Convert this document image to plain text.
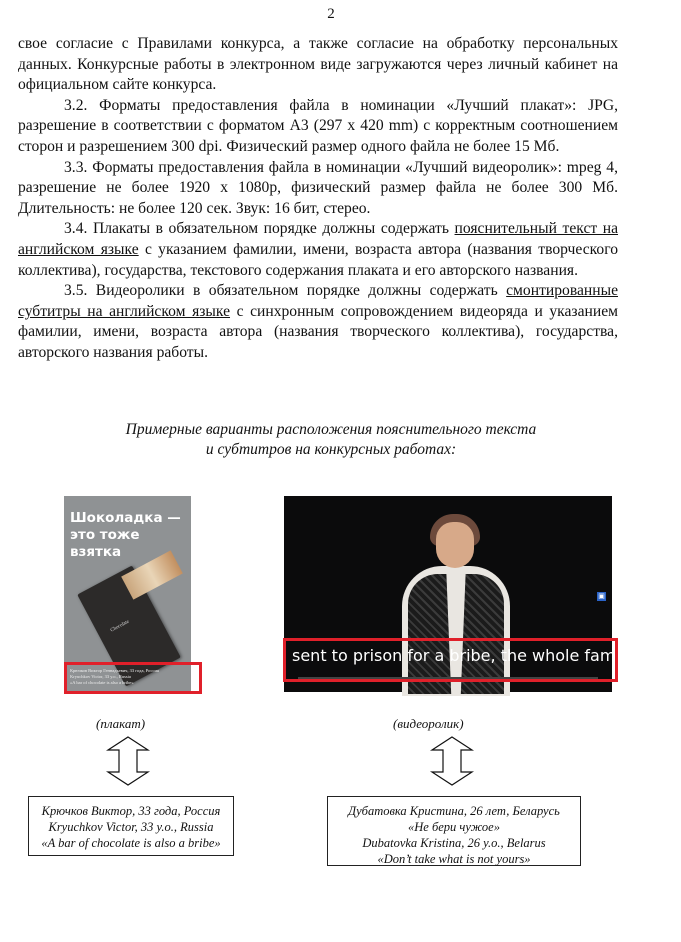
2

свое согласие с Правилами конкурса, а также согласие на обработку персональных данных. Конкурсные работы в электронном виде загружаются через личный кабинет на официальном сайте конкурса.

3.2. Форматы предоставления файла в номинации «Лучший плакат»: JPG, разрешение в соответствии с форматом А3 (297 x 420 mm) с корректным соотношением сторон и разрешением 300 dpi. Физический размер одного файла не более 15 Мб.

3.3. Форматы предоставления файла в номинации «Лучший видеоролик»: mpeg 4, разрешение не более 1920 x 1080p, физический размер файла не более 300 Мб. Длительность: не более 120 сек. Звук: 16 бит, стерео.

3.4. Плакаты в обязательном порядке должны содержать пояснительный текст на английском языке с указанием фамилии, имени, возраста автора (названия творческого коллектива), государства, текстового содержания плаката и его авторского названия.

3.5. Видеоролики в обязательном порядке должны содержать смонтированные субтитры на английском языке с синхронным сопровождением видеоряда и указанием фамилии, имени, возраста автора (названия творческого коллектива), государства, авторского названия работы.

Примерные варианты расположения пояснительного текста
и субтитров на конкурсных работах:
Шоколадка —
это тоже
взятка
Chocolate
Крючков Виктор Геннадьевич, 33 года, Россия
Kryuchkov Victor, 33 y.o., Russia
«A bar of chocolate is also a bribe»
▣
sent to prison for a bribe, the whole family: child
(плакат)	(видеоролик)
Крючков Виктор, 33 года, Россия
Kryuchkov Victor, 33 y.o., Russia
«A bar of chocolate is also a bribe»
Дубатовка Кристина, 26 лет, Беларусь
«Не бери чужое»
Dubatovka Kristina, 26 y.o., Belarus
«Don’t take what is not yours»
